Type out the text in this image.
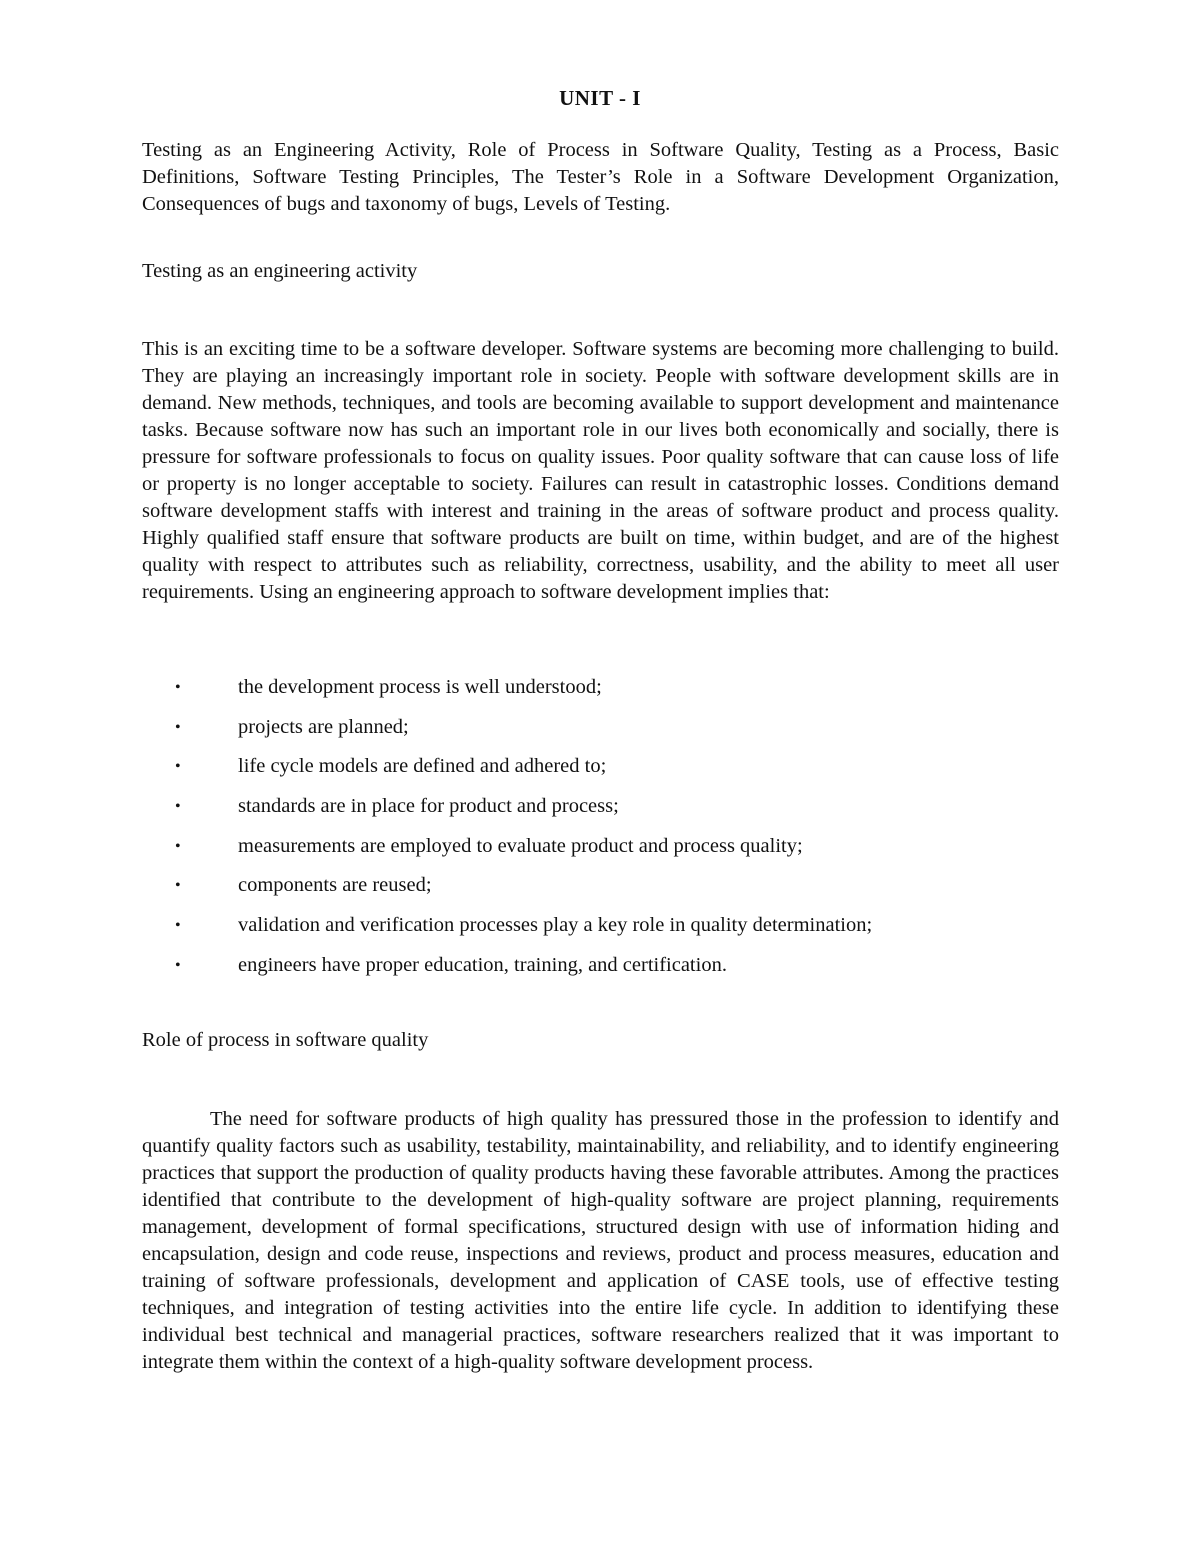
UNIT - I
Testing as an Engineering Activity, Role of Process in Software Quality, Testing as a Process, Basic Definitions, Software Testing Principles, The Tester’s Role in a Software Development Organization, Consequences of bugs and taxonomy of bugs, Levels of Testing.
Testing as an engineering activity
This is an exciting time to be a software developer. Software systems are becoming more challenging to build. They are playing an increasingly important role in society. People with software development skills are in demand. New methods, techniques, and tools are becoming available to support development and maintenance tasks. Because software now has such an important role in our lives both economically and socially, there is pressure for software professionals to focus on quality issues. Poor quality software that can cause loss of life or property is no longer acceptable to society. Failures can result in catastrophic losses. Conditions demand software development staffs with interest and training in the areas of software product and process quality. Highly qualified staff ensure that software products are built on time, within budget, and are of the highest quality with respect to attributes such as reliability, correctness, usability, and the ability to meet all user requirements. Using an engineering approach to software development implies that:
•	the development process is well understood;
•	projects are planned;
•	life cycle models are defined and adhered to;
•	standards are in place for product and process;
•	measurements are employed to evaluate product and process quality;
•	components are reused;
•	validation and verification processes play a key role in quality determination;
•	engineers have proper education, training, and certification.
Role of process in software quality
The need for software products of high quality has pressured those in the profession to identify and quantify quality factors such as usability, testability, maintainability, and reliability, and to identify engineering practices that support the production of quality products having these favorable attributes. Among the practices identified that contribute to the development of high-quality software are project planning, requirements management, development of formal specifications, structured design with use of information hiding and encapsulation, design and code reuse, inspections and reviews, product and process measures, education and training of software professionals, development and application of CASE tools, use of effective testing techniques, and integration of testing activities into the entire life cycle. In addition to identifying these individual best technical and managerial practices, software researchers realized that it was important to integrate them within the context of a high-quality software development process.
